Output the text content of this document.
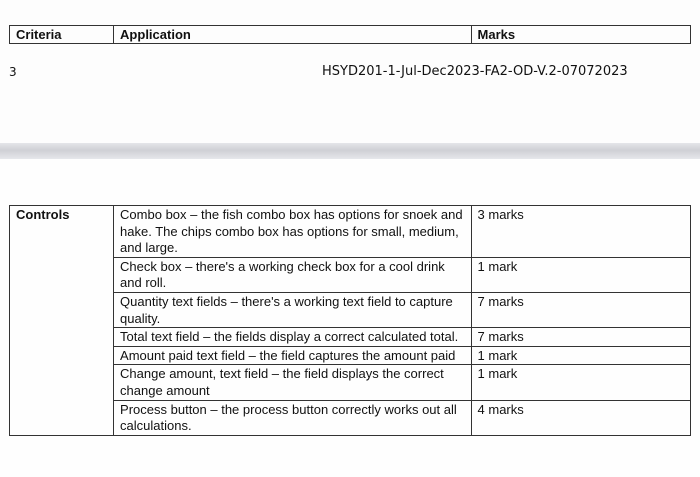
Criteria	Application	Marks
3	HSYD201-1-Jul-Dec2023-FA2-OD-V.2-07072023
Controls	Combo box – the fish combo box has options for snoek and hake. The chips combo box has options for small, medium, and large.	3 marks
	Check box – there's a working check box for a cool drink and roll.	1 mark
	Quantity text fields – there's a working text field to capture quality.	7 marks
	Total text field – the fields display a correct calculated total.	7 marks
	Amount paid text field – the field captures the amount paid	1 mark
	Change amount, text field – the field displays the correct change amount	1 mark
	Process button – the process button correctly works out all calculations.	4 marks
